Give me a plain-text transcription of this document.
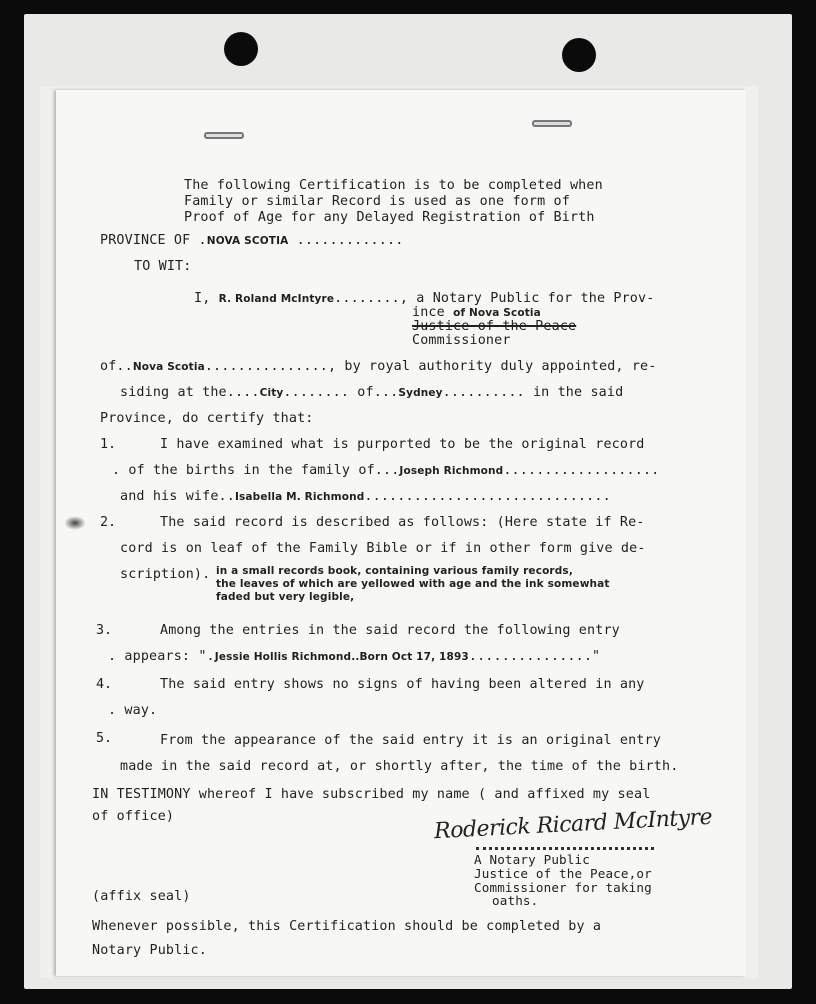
The following Certification is to be completed when
Family or similar Record is used as one form of
Proof of Age for any Delayed Registration of Birth
PROVINCE OF .NOVA SCOTIA .............
TO WIT:
I, R. Roland McIntyre........, a Notary Public for the Prov-
ince of Nova Scotia
Justice of the Peace
Commissioner
of..Nova Scotia..............., by royal authority duly appointed, re-
siding at the....City........ of...Sydney.......... in the said
Province, do certify that:
1.	I have examined what is purported to be the original record
. of the births in the family of...Joseph Richmond...................
and his wife..Isabella M. Richmond..............................
2.	The said record is described as follows: (Here state if Re-
cord is on leaf of the Family Bible or if in other form give de-
scription). in a small records book, containing various family records,
the leaves of which are yellowed with age and the ink somewhat
faded but very legible,
3.	Among the entries in the said record the following entry
. appears: ".Jessie Hollis Richmond..Born Oct 17, 1893..............."
4.	The said entry shows no signs of having been altered in any
. way.
5.	From the appearance of the said entry it is an original entry
made in the said record at, or shortly after, the time of the birth.
IN TESTIMONY whereof I have subscribed my name ( and affixed my seal
of office)	Roderick Ricard McIntyre
A Notary Public
Justice of the Peace,or
Commissioner for taking
oaths.
(affix seal)
Whenever possible, this Certification should be completed by a
Notary Public.
